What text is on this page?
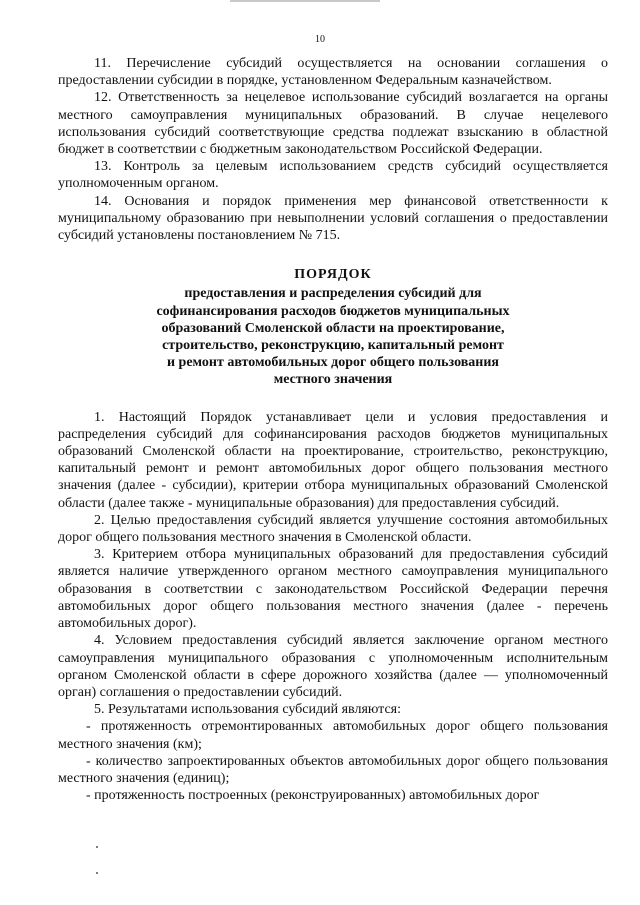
10

11. Перечисление субсидий осуществляется на основании соглашения о предоставлении субсидии в порядке, установленном Федеральным казначейством.

12. Ответственность за нецелевое использование субсидий возлагается на органы местного самоуправления муниципальных образований. В случае нецелевого использования субсидий соответствующие средства подлежат взысканию в областной бюджет в соответствии с бюджетным законодательством Российской Федерации.

13. Контроль за целевым использованием средств субсидий осуществляется уполномоченным органом.

14. Основания и порядок применения мер финансовой ответственности к муниципальному образованию при невыполнении условий соглашения о предоставлении субсидий установлены постановлением № 715.

ПОРЯДОК
предоставления и распределения субсидий для
софинансирования расходов бюджетов муниципальных
образований Смоленской области на проектирование,
строительство, реконструкцию, капитальный ремонт
и ремонт автомобильных дорог общего пользования
местного значения

1. Настоящий Порядок устанавливает цели и условия предоставления и распределения субсидий для софинансирования расходов бюджетов муниципальных образований Смоленской области на проектирование, строительство, реконструкцию, капитальный ремонт и ремонт автомобильных дорог общего пользования местного значения (далее - субсидии), критерии отбора муниципальных образований Смоленской области (далее также - муниципальные образования) для предоставления субсидий.

2. Целью предоставления субсидий является улучшение состояния автомобильных дорог общего пользования местного значения в Смоленской области.

3. Критерием отбора муниципальных образований для предоставления субсидий является наличие утвержденного органом местного самоуправления муниципального образования в соответствии с законодательством Российской Федерации перечня автомобильных дорог общего пользования местного значения (далее - перечень автомобильных дорог).

4. Условием предоставления субсидий является заключение органом местного самоуправления муниципального образования с уполномоченным исполнительным органом Смоленской области в сфере дорожного хозяйства (далее — уполномоченный орган) соглашения о предоставлении субсидий.

5. Результатами использования субсидий являются:

- протяженность отремонтированных автомобильных дорог общего пользования местного значения (км);

- количество запроектированных объектов автомобильных дорог общего пользования местного значения (единиц);

- протяженность построенных (реконструированных) автомобильных дорог
